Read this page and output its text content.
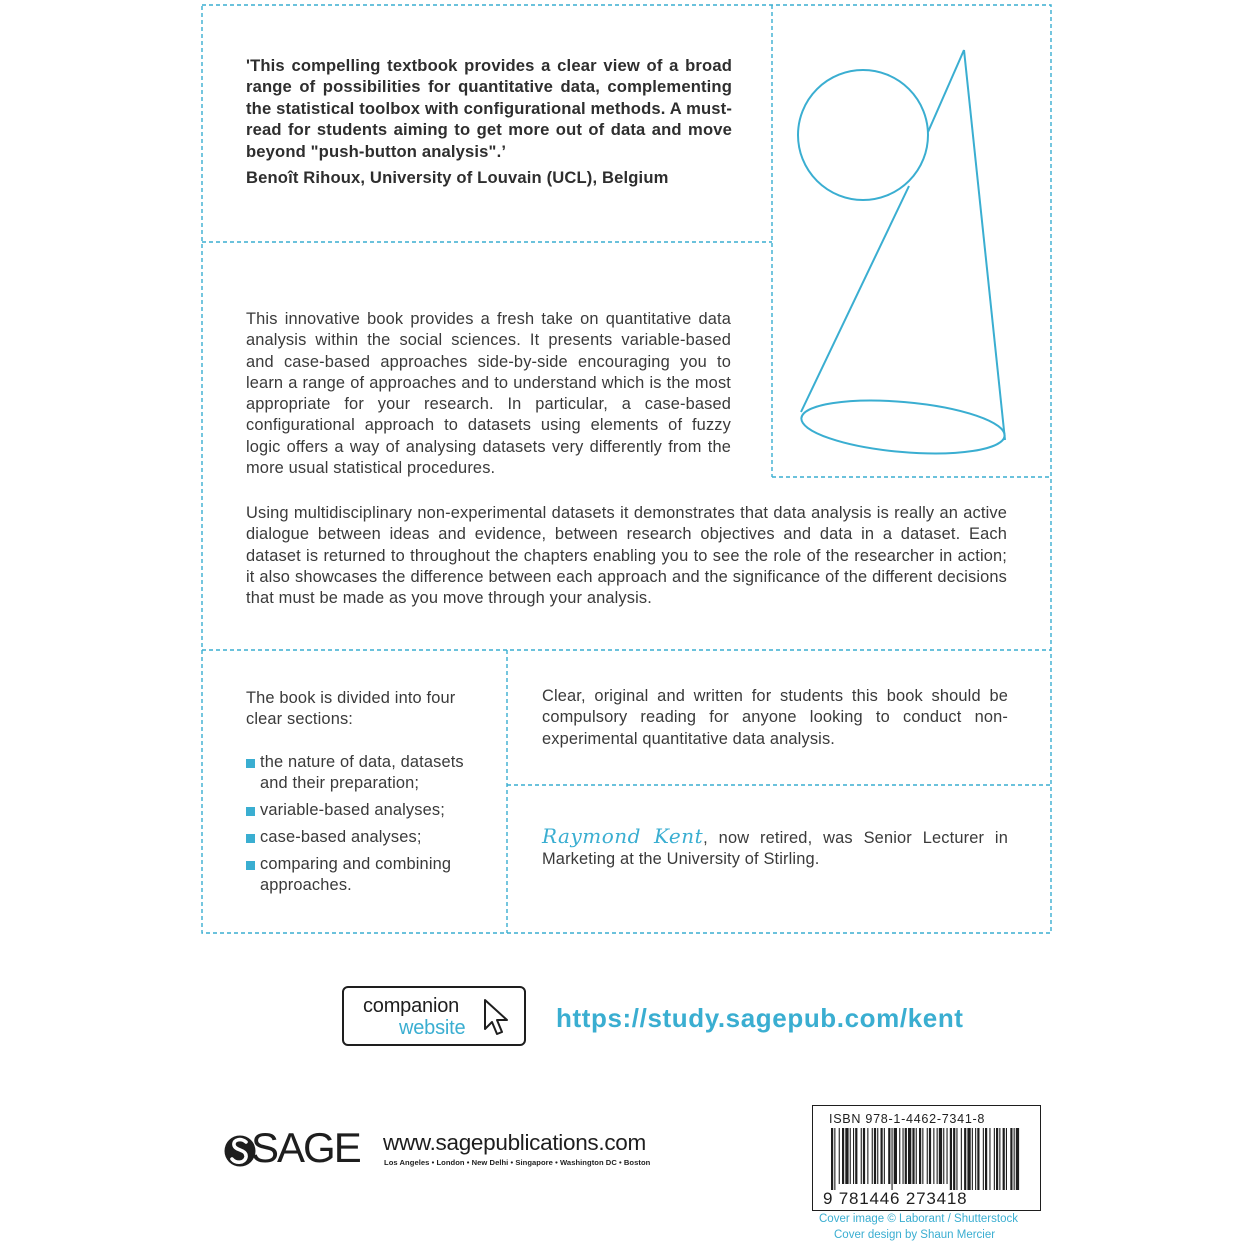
'This compelling textbook provides a clear view of a broad range of possibilities for quantitative data, complementing the statistical toolbox with configurational methods. A must-read for students aiming to get more out of data and move beyond "push-button analysis".’
Benoît Rihoux, University of Louvain (UCL), Belgium
This innovative book provides a fresh take on quantitative data analysis within the social sciences. It presents variable-based and case-based approaches side-by-side encouraging you to learn a range of approaches and to understand which is the most appropriate for your research. In particular, a case-based configurational approach to datasets using elements of fuzzy logic offers a way of analysing datasets very differently from the more usual statistical procedures.
Using multidisciplinary non-experimental datasets it demonstrates that data analysis is really an active dialogue between ideas and evidence, between research objectives and data in a dataset. Each dataset is returned to throughout the chapters enabling you to see the role of the researcher in action; it also showcases the difference between each approach and the significance of the different decisions that must be made as you move through your analysis.
The book is divided into four clear sections:
the nature of data, datasets and their preparation;
variable-based analyses;
case-based analyses;
comparing and combining approaches.
Clear, original and written for students this book should be compulsory reading for anyone looking to conduct non-experimental quantitative data analysis.
Raymond Kent, now retired, was Senior Lecturer in Marketing at the University of Stirling.
companion
website	https://study.sagepub.com/kent
SAGE www.sagepublications.com
Los Angeles • London • New Delhi • Singapore • Washington DC • Boston
ISBN 978-1-4462-7341-8
9 781446 273418
Cover image © Laborant / Shutterstock
Cover design by Shaun Mercier
